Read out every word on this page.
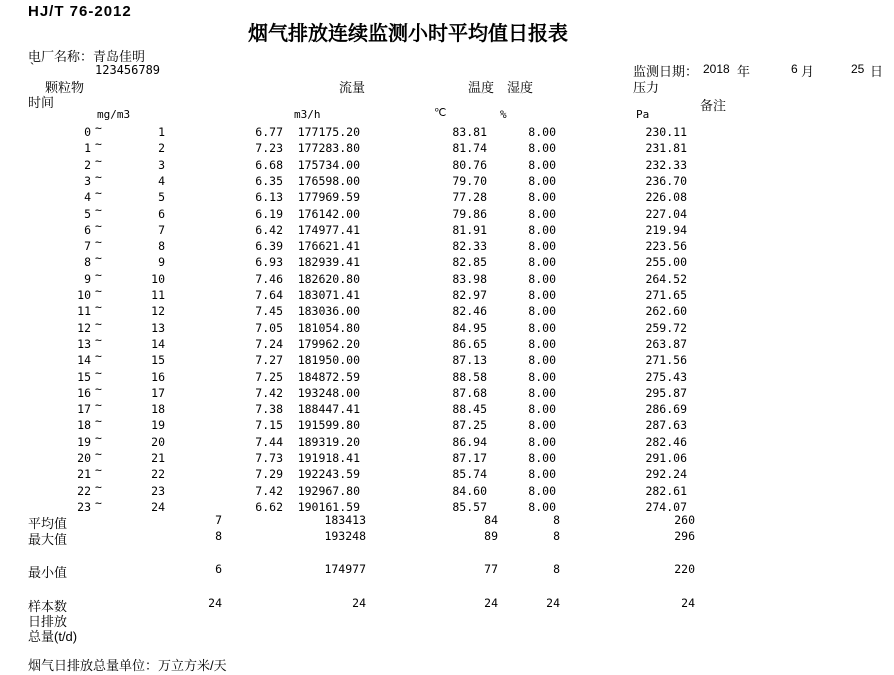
HJ/T 76-2012
烟气排放连续监测小时平均值日报表
电厂名称：青岛佳明
`	123456789	监测日期： 2018 年	6 月	25 日
颗粒物	流量	温度 湿度	压力
时间	备注
mg/m3	m3/h	℃	%	Pa
0 ~	1	6.77	177175.20	83.81	8.00	230.11
1 ~	2	7.23	177283.80	81.74	8.00	231.81
2 ~	3	6.68	175734.00	80.76	8.00	232.33
3 ~	4	6.35	176598.00	79.70	8.00	236.70
4 ~	5	6.13	177969.59	77.28	8.00	226.08
5 ~	6	6.19	176142.00	79.86	8.00	227.04
6 ~	7	6.42	174977.41	81.91	8.00	219.94
7 ~	8	6.39	176621.41	82.33	8.00	223.56
8 ~	9	6.93	182939.41	82.85	8.00	255.00
9 ~	10	7.46	182620.80	83.98	8.00	264.52
10 ~	11	7.64	183071.41	82.97	8.00	271.65
11 ~	12	7.45	183036.00	82.46	8.00	262.60
12 ~	13	7.05	181054.80	84.95	8.00	259.72
13 ~	14	7.24	179962.20	86.65	8.00	263.87
14 ~	15	7.27	181950.00	87.13	8.00	271.56
15 ~	16	7.25	184872.59	88.58	8.00	275.43
16 ~	17	7.42	193248.00	87.68	8.00	295.87
17 ~	18	7.38	188447.41	88.45	8.00	286.69
18 ~	19	7.15	191599.80	87.25	8.00	287.63
19 ~	20	7.44	189319.20	86.94	8.00	282.46
20 ~	21	7.73	191918.41	87.17	8.00	291.06
21 ~	22	7.29	192243.59	85.74	8.00	292.24
22 ~	23	7.42	192967.80	84.60	8.00	282.61
23 ~	24	6.62	190161.59	85.57	8.00	274.07
平均值	7	183413	84	8	260
最大值	8	193248	89	8	296
最小值	6	174977	77	8	220
样本数	24	24	24	24	24
日排放
总量(t/d)
烟气日排放总量单位：万立方米/天
